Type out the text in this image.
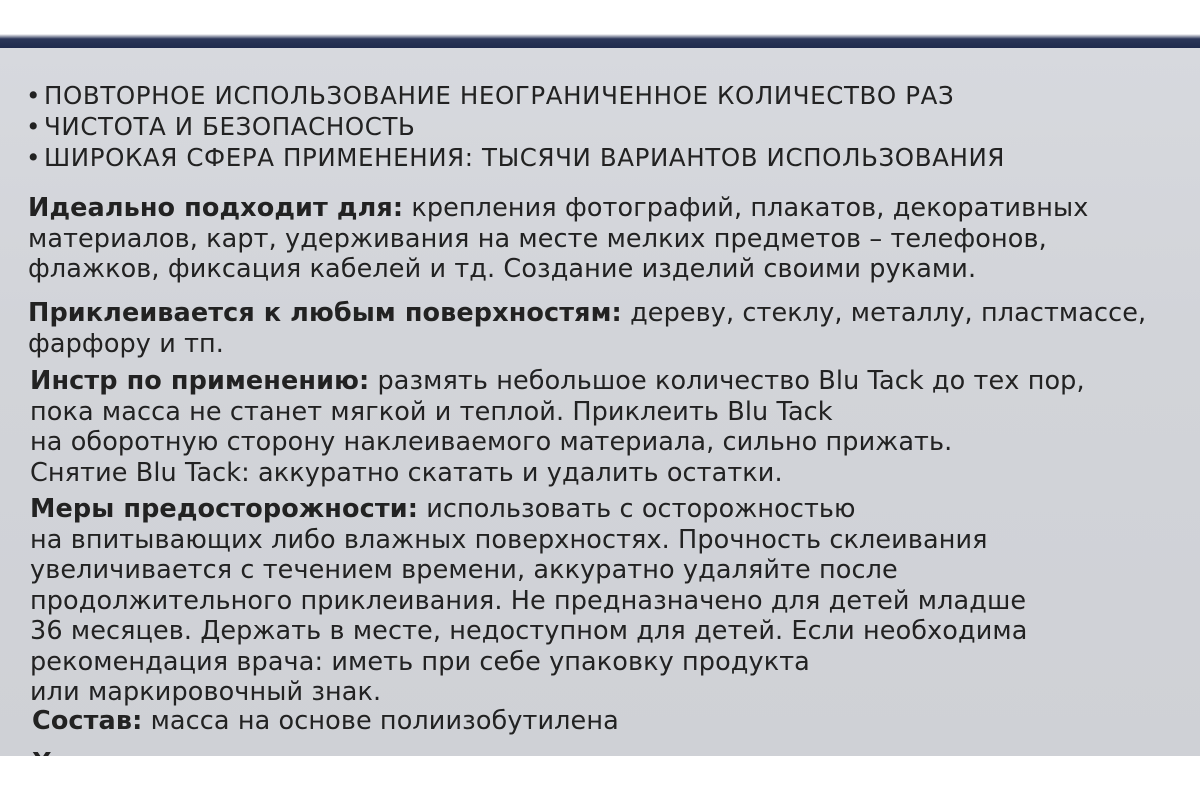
• ПОВТОРНОЕ ИСПОЛЬЗОВАНИЕ НЕОГРАНИЧЕННОЕ КОЛИЧЕСТВО РАЗ
• ЧИСТОТА И БЕЗОПАСНОСТЬ
• ШИРОКАЯ СФЕРА ПРИМЕНЕНИЯ: ТЫСЯЧИ ВАРИАНТОВ ИСПОЛЬЗОВАНИЯ
Идеально подходит для: крепления фотографий, плакатов, декоративных
материалов, карт, удерживания на месте мелких предметов – телефонов,
флажков, фиксация кабелей и тд. Создание изделий своими руками.
Приклеивается к любым поверхностям: дереву, стеклу, металлу, пластмассе,
фарфору и тп.
Инстр по применению: размять небольшое количество Blu Tack до тех пор,
пока масса не станет мягкой и теплой. Приклеить Blu Tack
на оборотную сторону наклеиваемого материала, сильно прижать.
Снятие Blu Tack: аккуратно скатать и удалить остатки.
Меры предосторожности: использовать с осторожностью
на впитывающих либо влажных поверхностях. Прочность склеивания
увеличивается с течением времени, аккуратно удаляйте после
продолжительного приклеивания. Не предназначено для детей младше
36 месяцев. Держать в месте, недоступном для детей. Если необходима
рекомендация врача: иметь при себе упаковку продукта
или маркировочный знак.
Состав: масса на основе полиизобутилена
